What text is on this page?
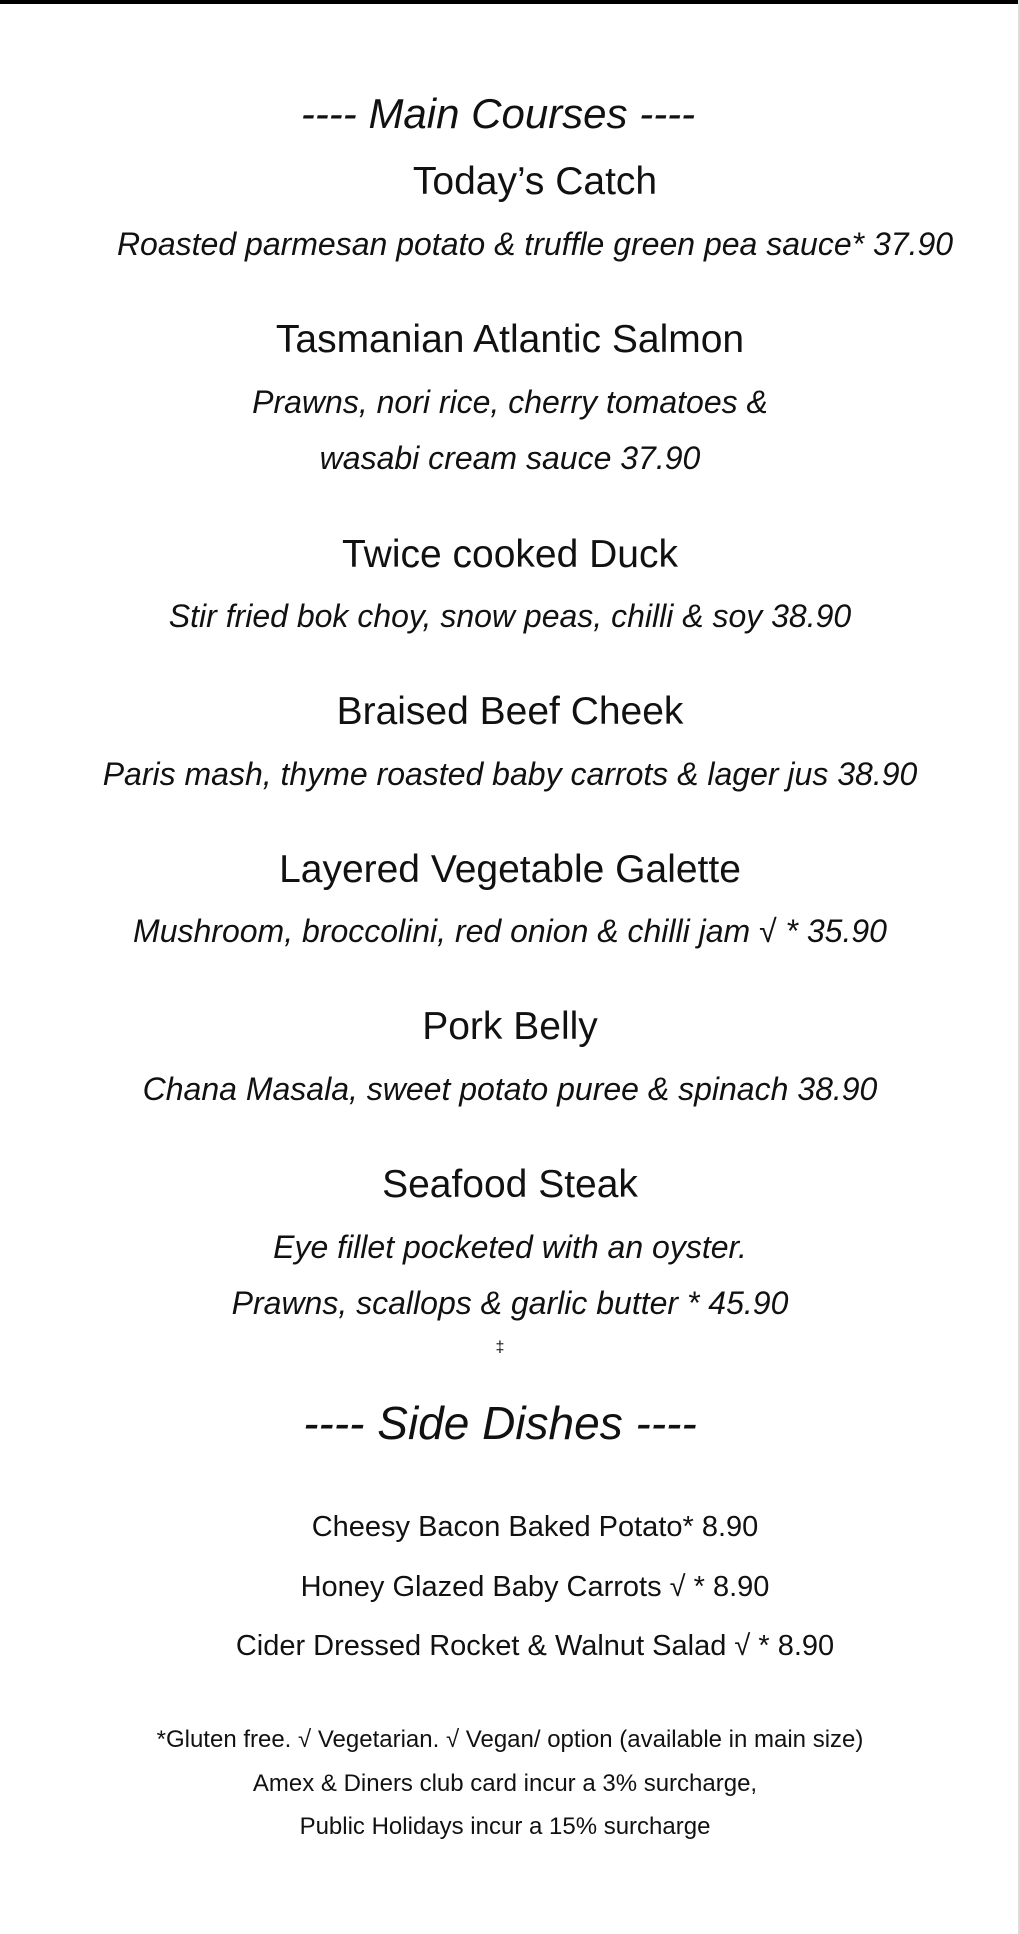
---- Main Courses ----
Today’s Catch
Roasted parmesan potato & truffle green pea sauce* 37.90
Tasmanian Atlantic Salmon
Prawns, nori rice, cherry tomatoes &
wasabi cream sauce 37.90
Twice cooked Duck
Stir fried bok choy, snow peas, chilli & soy 38.90
Braised Beef Cheek
Paris mash, thyme roasted baby carrots & lager jus 38.90
Layered Vegetable Galette
Mushroom, broccolini, red onion & chilli jam √ * 35.90
Pork Belly
Chana Masala, sweet potato puree & spinach 38.90
Seafood Steak
Eye fillet pocketed with an oyster.
Prawns, scallops & garlic butter * 45.90
‡
---- Side Dishes ----
Cheesy Bacon Baked Potato* 8.90
Honey Glazed Baby Carrots √ * 8.90
Cider Dressed Rocket & Walnut Salad √ * 8.90
*Gluten free. √ Vegetarian. √ Vegan/ option (available in main size)
Amex & Diners club card incur a 3% surcharge,
Public Holidays incur a 15% surcharge
